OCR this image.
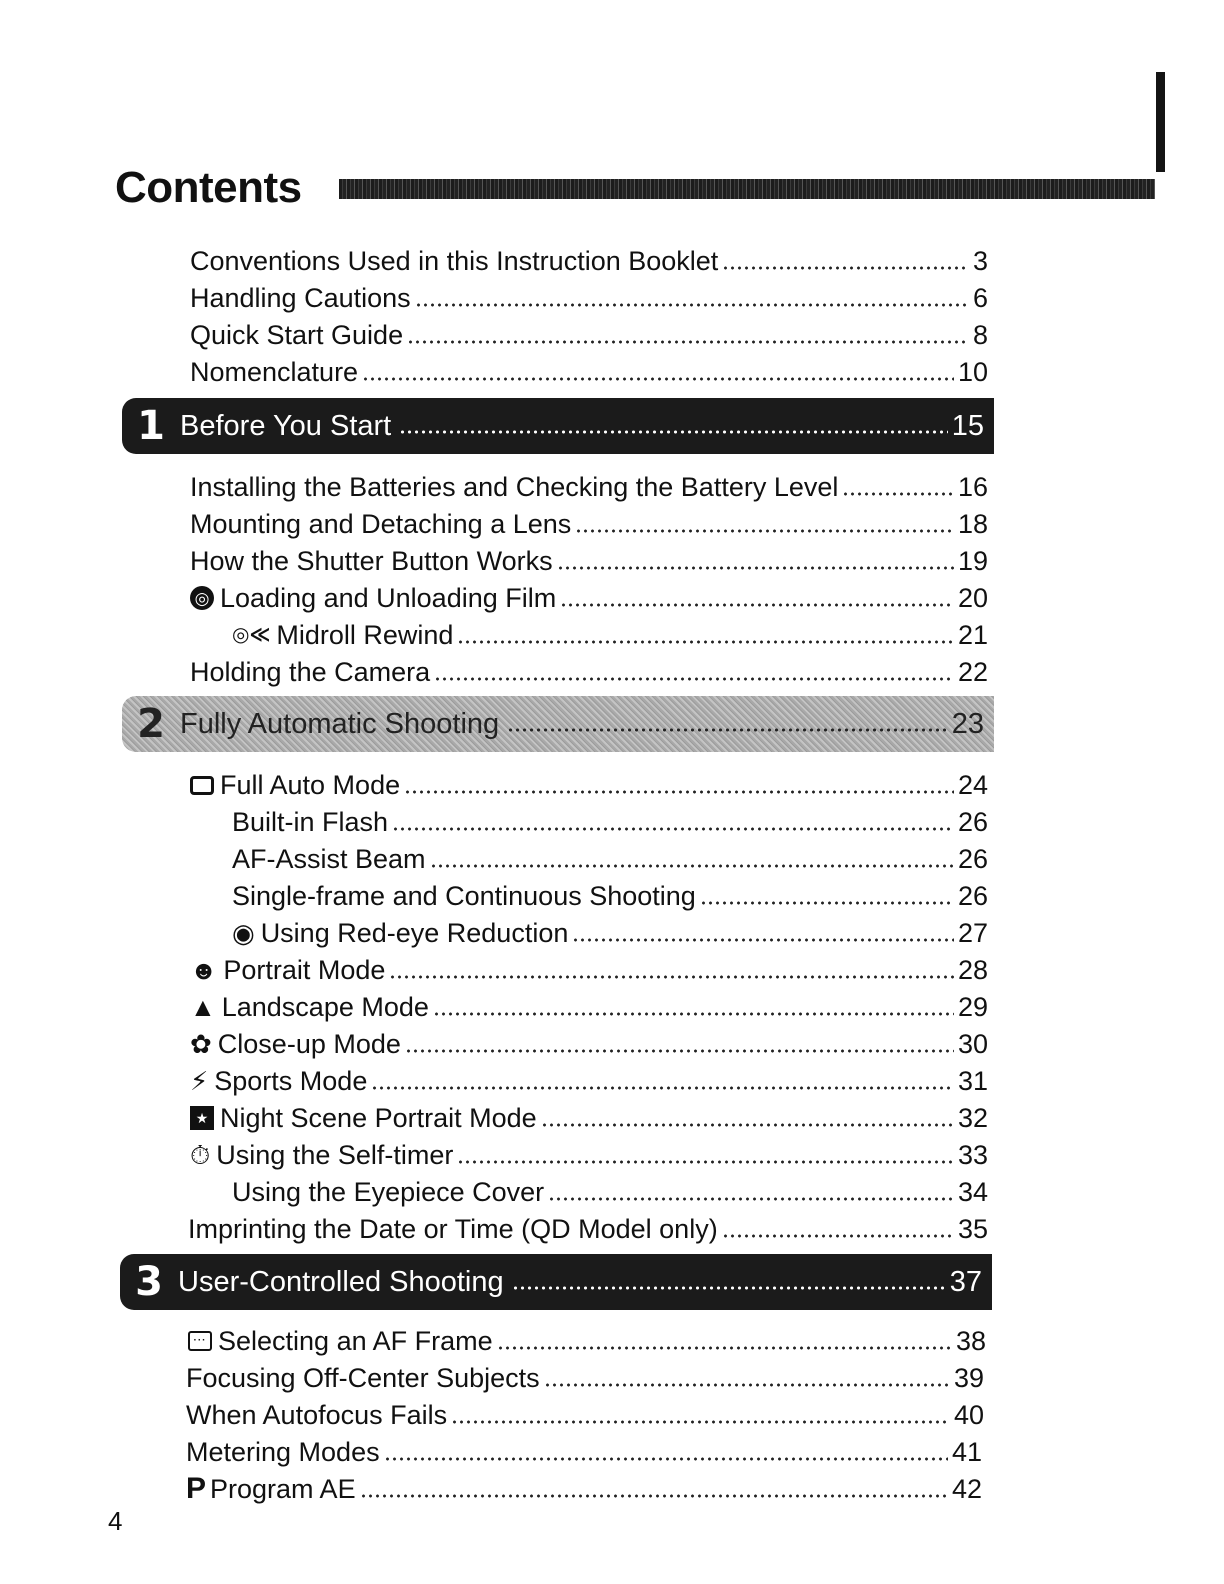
Contents
Conventions Used in this Instruction Booklet	3
Handling Cautions	6
Quick Start Guide	8
Nomenclature	10
1 Before You Start	15
Installing the Batteries and Checking the Battery Level	16
Mounting and Detaching a Lens	18
How the Shutter Button Works	19
◎ Loading and Unloading Film	20
◎≪ Midroll Rewind	21
Holding the Camera	22
2 Fully Automatic Shooting	23
Full Auto Mode	24
Built-in Flash	26
AF-Assist Beam	26
Single-frame and Continuous Shooting	26
◉ Using Red-eye Reduction	27
☻ Portrait Mode	28
▲ Landscape Mode	29
✿ Close-up Mode	30
⚡ Sports Mode	31
★ Night Scene Portrait Mode	32
⏱ Using the Self-timer	33
Using the Eyepiece Cover	34
Imprinting the Date or Time (QD Model only)	35
3 User-Controlled Shooting	37
··· Selecting an AF Frame	38
Focusing Off-Center Subjects	39
When Autofocus Fails	40
Metering Modes	41
P Program AE	42
4
